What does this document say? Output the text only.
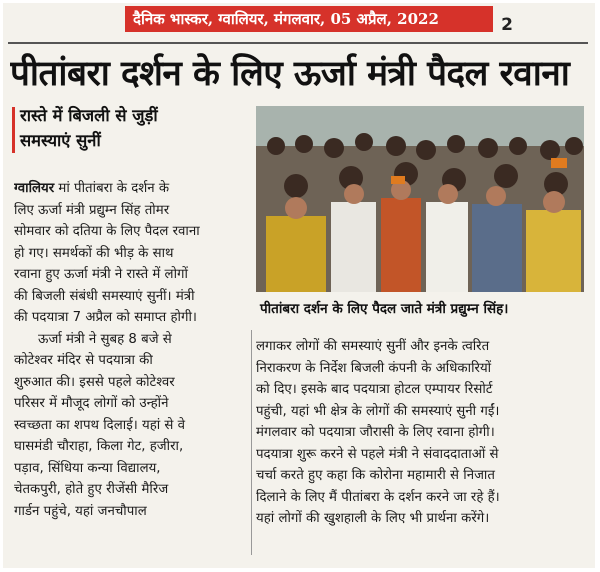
दैनिक भास्कर, ग्वालियर, मंगलवार, 05 अप्रैल, 2022	2
पीतांबरा दर्शन के लिए ऊर्जा मंत्री पैदल रवाना
रास्ते में बिजली से जुड़ीं
समस्याएं सुनीं
पीतांबरा दर्शन के लिए पैदल जाते मंत्री प्रद्युम्न सिंह।
ग्वालियर मां पीतांबरा के दर्शन के
लिए ऊर्जा मंत्री प्रद्युम्न सिंह तोमर
सोमवार को दतिया के लिए पैदल रवाना
हो गए। समर्थकों की भीड़ के साथ
रवाना हुए ऊर्जा मंत्री ने रास्ते में लोगों
की बिजली संबंधी समस्याएं सुनीं। मंत्री
की पदयात्रा 7 अप्रैल को समाप्त होगी।
ऊर्जा मंत्री ने सुबह 8 बजे से
कोटेश्वर मंदिर से पदयात्रा की
शुरुआत की। इससे पहले कोटेश्वर
परिसर में मौजूद लोगों को उन्होंने
स्वच्छता का शपथ दिलाई। यहां से वे
घासमंडी चौराहा, किला गेट, हजीरा,
पड़ाव, सिंधिया कन्या विद्यालय,
चेतकपुरी, होते हुए रीजेंसी मैरिज
गार्डन पहुंचे, यहां जनचौपाल
लगाकर लोगों की समस्याएं सुनीं और इनके त्वरित
निराकरण के निर्देश बिजली कंपनी के अधिकारियों
को दिए। इसके बाद पदयात्रा होटल एम्पायर रिसोर्ट
पहुंची, यहां भी क्षेत्र के लोगों की समस्याएं सुनी गईं।
मंगलवार को पदयात्रा जौरासी के लिए रवाना होगी।
पदयात्रा शुरू करने से पहले मंत्री ने संवाददाताओं से
चर्चा करते हुए कहा कि कोरोना महामारी से निजात
दिलाने के लिए मैं पीतांबरा के दर्शन करने जा रहे हैं।
यहां लोगों की खुशहाली के लिए भी प्रार्थना करेंगे।
